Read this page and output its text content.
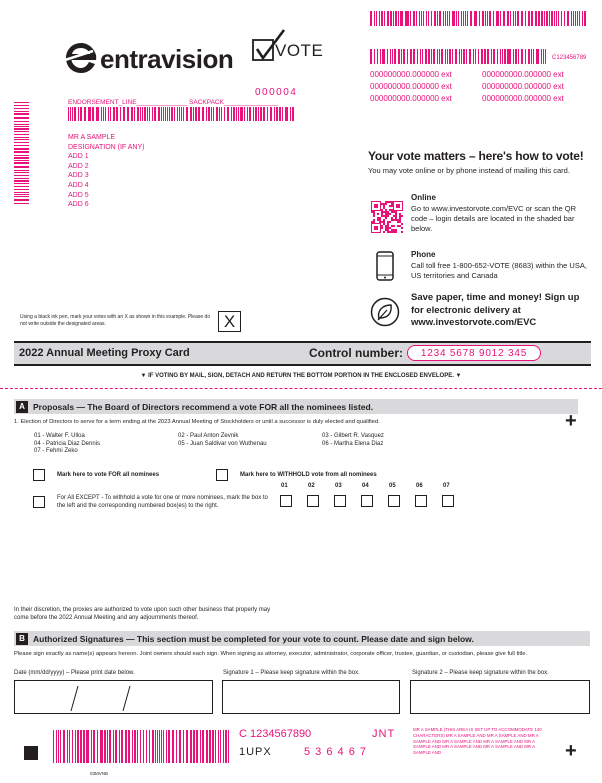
C123456789
000000000.000000 ext	000000000.000000 ext
000000000.000000 ext	000000000.000000 ext
000000000.000000 ext	000000000.000000 ext
entravision VOTE
000004
ENDORSEMENT_LINE______________ SACKPACK_______________
MR A SAMPLE
DESIGNATION (IF ANY)
ADD 1
ADD 2
ADD 3
ADD 4
ADD 5
ADD 6
Your vote matters – here's how to vote!
You may vote online or by phone instead of mailing this card.
Online
Go to www.investorvote.com/EVC or scan the QR code – login details are located in the shaded bar below.
Phone
Call toll free 1-800-652-VOTE (8683) within the USA, US territories and Canada
Save paper, time and money! Sign up for electronic delivery at www.investorvote.com/EVC
Using a black ink pen, mark your votes with an X as shown in this example. Please do not write outside the designated areas.	X
2022 Annual Meeting Proxy Card	Control number: 1234 5678 9012 345
▼ IF VOTING BY MAIL, SIGN, DETACH AND RETURN THE BOTTOM PORTION IN THE ENCLOSED ENVELOPE. ▼
A Proposals — The Board of Directors recommend a vote FOR all the nominees listed.
+
1. Election of Directors to serve for a term ending at the 2023 Annual Meeting of Stockholders or until a successor is duly elected and qualified.
01 - Walter F. Ulloa	02 - Paul Anton Zevnik	03 - Gilbert R. Vasquez
04 - Patricia Diaz Dennis	05 - Juan Saldivar von Wuthenau	06 - Martha Elena Diaz
07 - Fehmi Zeko
Mark here to vote FOR all nominees	Mark here to WITHHOLD vote from all nominees
For All EXCEPT - To withhold a vote for one or more nominees, mark the box to the left and the corresponding numbered box(es) to the right.
01	02	03	04	05	06	07
In their discretion, the proxies are authorized to vote upon such other business that properly may come before the 2022 Annual Meeting and any adjournments thereof.
B Authorized Signatures — This section must be completed for your vote to count. Please date and sign below.
Please sign exactly as name(s) appears hereon. Joint owners should each sign. When signing as attorney, executor, administrator, corporate officer, trustee, guardian, or custodian, please give full title.
Date (mm/dd/yyyy) – Please print date below.	Signature 1 – Please keep signature within the box.	Signature 2 – Please keep signature within the box.
03MVNB
C 1234567890	JNT
1UPX	5 3 6 4 6 7
MR A SAMPLE (THIS AREA IS SET UP TO ACCOMMODATE 140 CHARACTERS) MR A SAMPLE AND MR A SAMPLE AND MR A SAMPLE AND MR A SAMPLE AND MR A SAMPLE AND MR A SAMPLE AND MR A SAMPLE AND MR A SAMPLE AND MR A SAMPLE AND	+
